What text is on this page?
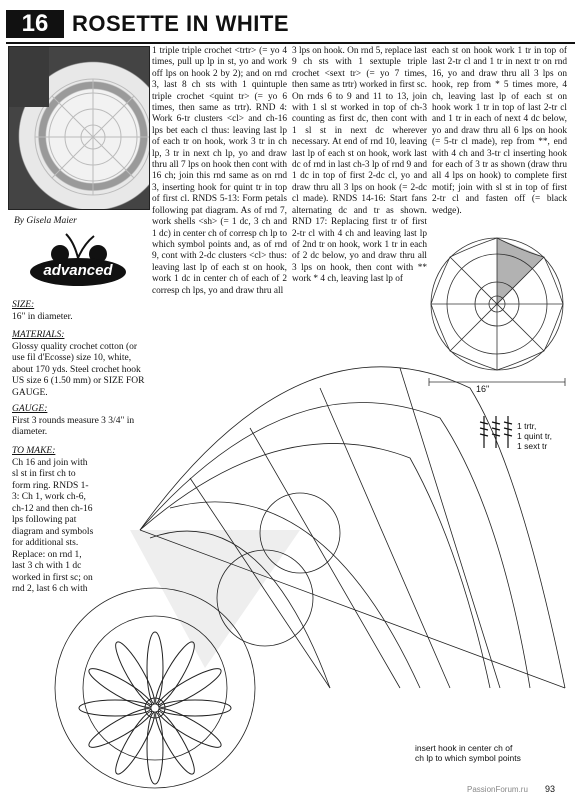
16	ROSETTE IN WHITE
By Gisela Maier
advanced
SIZE:
16" in diameter.
MATERIALS:
Glossy quality crochet cotton (or use fil d'Ecosse) size 10, white, about 170 yds. Steel crochet hook US size 6 (1.50 mm) or SIZE FOR GAUGE.
GAUGE:
First 3 rounds measure 3 3/4" in diameter.
TO MAKE:
Ch 16 and join with sl st in first ch to form ring. RNDS 1-3: Ch 1, work ch-6, ch-12 and then ch-16 lps following pat diagram and symbols for additional sts. Replace: on rnd 1, last 3 ch with 1 dc worked in first sc; on rnd 2, last 6 ch with
1 triple triple crochet <trtr> (= yo 4 times, pull up lp in st, yo and work off lps on hook 2 by 2); and on rnd 3, last 8 ch sts with 1 quintuple triple crochet <quint tr> (= yo 6 times, then same as trtr). RND 4: Work 6-tr clusters <cl> and ch-16 lps bet each cl thus: leaving last lp of each tr on hook, work 3 tr in ch lp, 3 tr in next ch lp, yo and draw thru all 7 lps on hook then cont with 16 ch; join this rnd same as on rnd 3, inserting hook for quint tr in top of first cl. RNDS 5-13: Form petals following pat diagram. As of rnd 7, work shells <sh> (= 1 dc, 3 ch and 1 dc) in center ch of corresp ch lp to which symbol points and, as of rnd 9, cont with 2-dc clusters <cl> thus: leaving last lp of each st on hook, work 1 dc in center ch of each of 2 corresp ch lps, yo and draw thru all
3 lps on hook. On rnd 5, replace last 9 ch sts with 1 sextuple triple crochet <sext tr> (= yo 7 times, then same as trtr) worked in first sc. On rnds 6 to 9 and 11 to 13, join with 1 sl st worked in top of ch-3 counting as first dc, then cont with 1 sl st in next dc wherever necessary. At end of rnd 10, leaving last lp of each st on hook, work last dc of rnd in last ch-3 lp of rnd 9 and 1 dc in top of first 2-dc cl, yo and draw thru all 3 lps on hook (= 2-dc cl made). RNDS 14-16: Start fans alternating dc and tr as shown. RND 17: Replacing first tr of first 2-tr cl with 4 ch and leaving last lp of 2nd tr on hook, work 1 tr in each of 2 dc below, yo and draw thru all 3 lps on hook, then cont with ** work * 4 ch, leaving last lp of
each st on hook work 1 tr in top of last 2-tr cl and 1 tr in next tr on rnd 16, yo and draw thru all 3 lps on hook, rep from * 5 times more, 4 ch, leaving last lp of each st on hook work 1 tr in top of last 2-tr cl and 1 tr in each of next 4 dc below, yo and draw thru all 6 lps on hook (= 5-tr cl made), rep from **, end with 4 ch and 3-tr cl inserting hook for each of 3 tr as shown (draw thru all 4 lps on hook) to complete first motif; join with sl st in top of first 2-tr cl and fasten off (= black wedge).
16"
1 trtr,
1 quint tr,
1 sext tr
insert hook in center ch of
ch lp to which symbol points
PassionForum.ru 93
